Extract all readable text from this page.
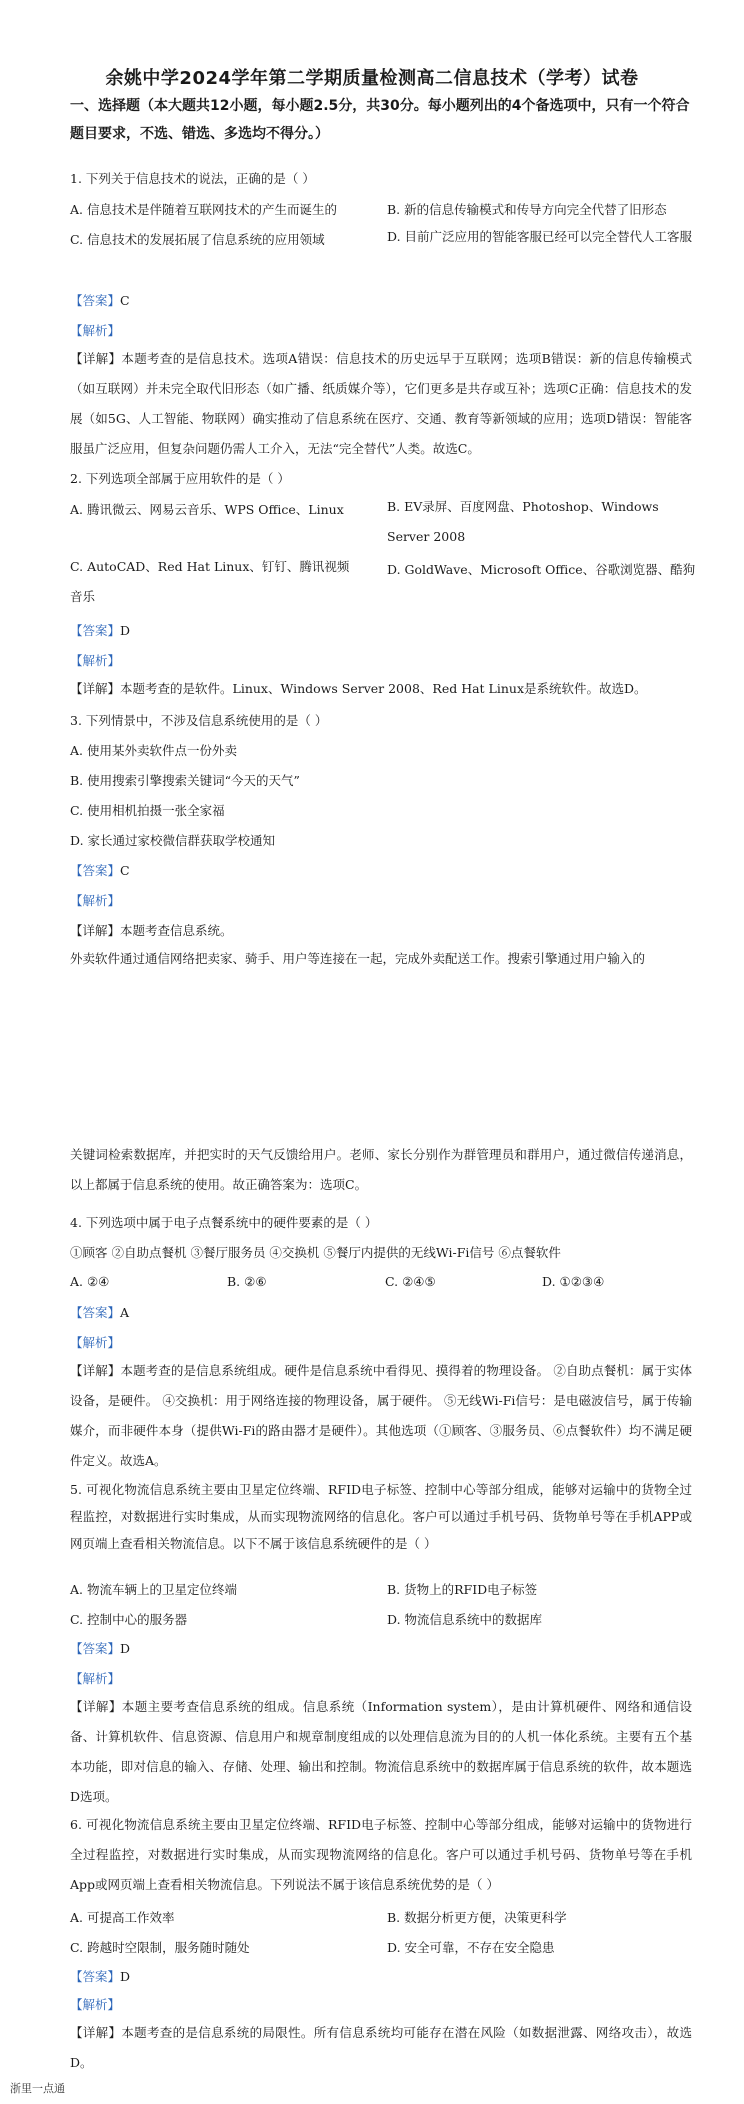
余姚中学2024学年第二学期质量检测高二信息技术（学考）试卷
一、选择题（本大题共12小题，每小题2.5分，共30分。每小题列出的4个备选项中，只有一个符合题目要求，不选、错选、多选均不得分。）
1. 下列关于信息技术的说法，正确的是（ ）
A. 信息技术是伴随着互联网技术的产生而诞生的	B. 新的信息传输模式和传导方向完全代替了旧形态
C. 信息技术的发展拓展了信息系统的应用领域	D. 目前广泛应用的智能客服已经可以完全替代人工客服
【答案】C
【解析】
【详解】本题考查的是信息技术。选项A错误：信息技术的历史远早于互联网；选项B错误：新的信息传输模式（如互联网）并未完全取代旧形态（如广播、纸质媒介等），它们更多是共存或互补；选项C正确：信息技术的发展（如5G、人工智能、物联网）确实推动了信息系统在医疗、交通、教育等新领域的应用；选项D错误：智能客服虽广泛应用，但复杂问题仍需人工介入，无法“完全替代”人类。故选C。
2. 下列选项全部属于应用软件的是（ ）
A. 腾讯微云、网易云音乐、WPS Office、Linux	B. EV录屏、百度网盘、Photoshop、Windows Server 2008
C. AutoCAD、Red Hat Linux、钉钉、腾讯视频音乐
D. GoldWave、Microsoft Office、谷歌浏览器、酷狗
【答案】D
【解析】
【详解】本题考查的是软件。Linux、Windows Server 2008、Red Hat Linux是系统软件。故选D。
3. 下列情景中，不涉及信息系统使用的是（ ）
A. 使用某外卖软件点一份外卖
B. 使用搜索引擎搜索关键词“今天的天气”
C. 使用相机拍摄一张全家福
D. 家长通过家校微信群获取学校通知
【答案】C
【解析】
【详解】本题考查信息系统。
外卖软件通过通信网络把卖家、骑手、用户等连接在一起，完成外卖配送工作。搜索引擎通过用户输入的
关键词检索数据库，并把实时的天气反馈给用户。老师、家长分别作为群管理员和群用户，通过微信传递消息，以上都属于信息系统的使用。故正确答案为：选项C。
4. 下列选项中属于电子点餐系统中的硬件要素的是（ ）
①顾客 ②自助点餐机 ③餐厅服务员 ④交换机 ⑤餐厅内提供的无线Wi-Fi信号 ⑥点餐软件
A. ②④	B. ②⑥	C. ②④⑤	D. ①②③④
【答案】A
【解析】
【详解】本题考查的是信息系统组成。硬件是信息系统中看得见、摸得着的物理设备。 ②自助点餐机：属于实体设备，是硬件。 ④交换机：用于网络连接的物理设备，属于硬件。 ⑤无线Wi-Fi信号：是电磁波信号，属于传输媒介，而非硬件本身（提供Wi-Fi的路由器才是硬件）。其他选项（①顾客、③服务员、⑥点餐软件）均不满足硬件定义。故选A。
5. 可视化物流信息系统主要由卫星定位终端、RFID电子标签、控制中心等部分组成，能够对运输中的货物全过程监控，对数据进行实时集成，从而实现物流网络的信息化。客户可以通过手机号码、货物单号等在手机APP或网页端上查看相关物流信息。以下不属于该信息系统硬件的是（ ）
A. 物流车辆上的卫星定位终端	B. 货物上的RFID电子标签
C. 控制中心的服务器	D. 物流信息系统中的数据库
【答案】D
【解析】
【详解】本题主要考查信息系统的组成。信息系统（Information system），是由计算机硬件、网络和通信设备、计算机软件、信息资源、信息用户和规章制度组成的以处理信息流为目的的人机一体化系统。主要有五个基本功能，即对信息的输入、存储、处理、输出和控制。物流信息系统中的数据库属于信息系统的软件，故本题选D选项。
6. 可视化物流信息系统主要由卫星定位终端、RFID电子标签、控制中心等部分组成，能够对运输中的货物进行全过程监控，对数据进行实时集成，从而实现物流网络的信息化。客户可以通过手机号码、货物单号等在手机App或网页端上查看相关物流信息。下列说法不属于该信息系统优势的是（ ）
A. 可提高工作效率	B. 数据分析更方便，决策更科学
C. 跨越时空限制，服务随时随处	D. 安全可靠，不存在安全隐患
【答案】D
【解析】
【详解】本题考查的是信息系统的局限性。所有信息系统均可能存在潜在风险（如数据泄露、网络攻击），故选D。
浙里一点通
